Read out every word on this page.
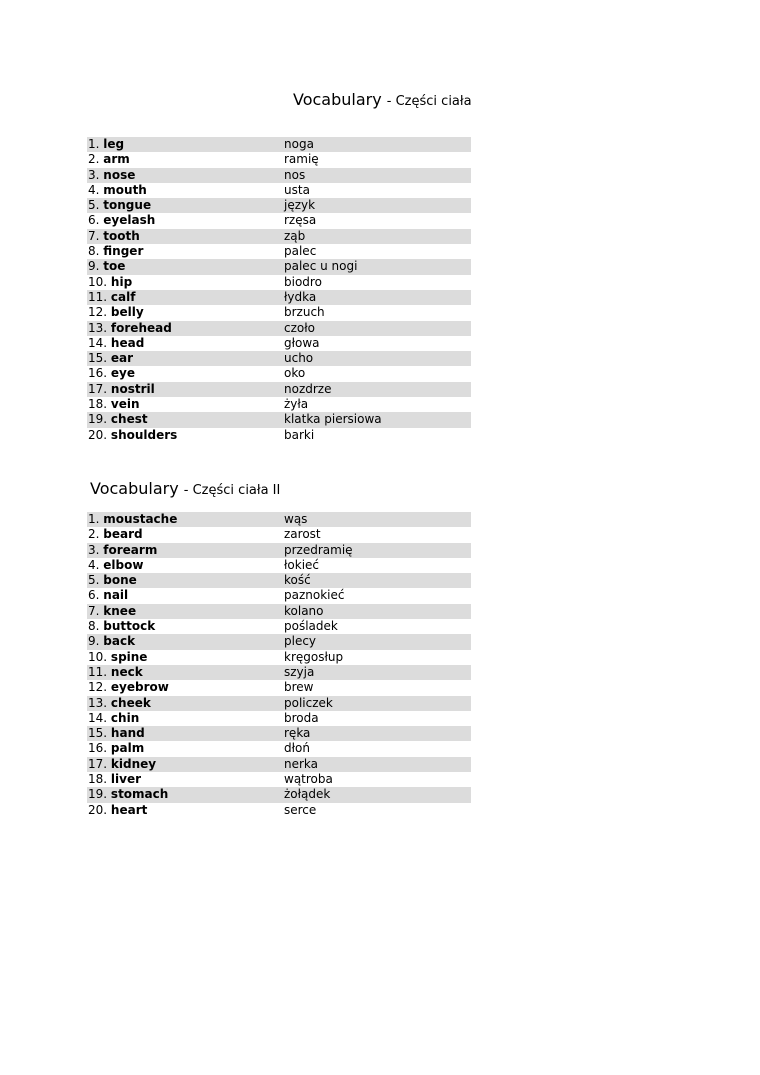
Vocabulary - Części ciała
1. leg	noga
2. arm	ramię
3. nose	nos
4. mouth	usta
5. tongue	język
6. eyelash	rzęsa
7. tooth	ząb
8. finger	palec
9. toe	palec u nogi
10. hip	biodro
11. calf	łydka
12. belly	brzuch
13. forehead	czoło
14. head	głowa
15. ear	ucho
16. eye	oko
17. nostril	nozdrze
18. vein	żyła
19. chest	klatka piersiowa
20. shoulders	barki
Vocabulary - Części ciała II
1. moustache	wąs
2. beard	zarost
3. forearm	przedramię
4. elbow	łokieć
5. bone	kość
6. nail	paznokieć
7. knee	kolano
8. buttock	pośladek
9. back	plecy
10. spine	kręgosłup
11. neck	szyja
12. eyebrow	brew
13. cheek	policzek
14. chin	broda
15. hand	ręka
16. palm	dłoń
17. kidney	nerka
18. liver	wątroba
19. stomach	żołądek
20. heart	serce
